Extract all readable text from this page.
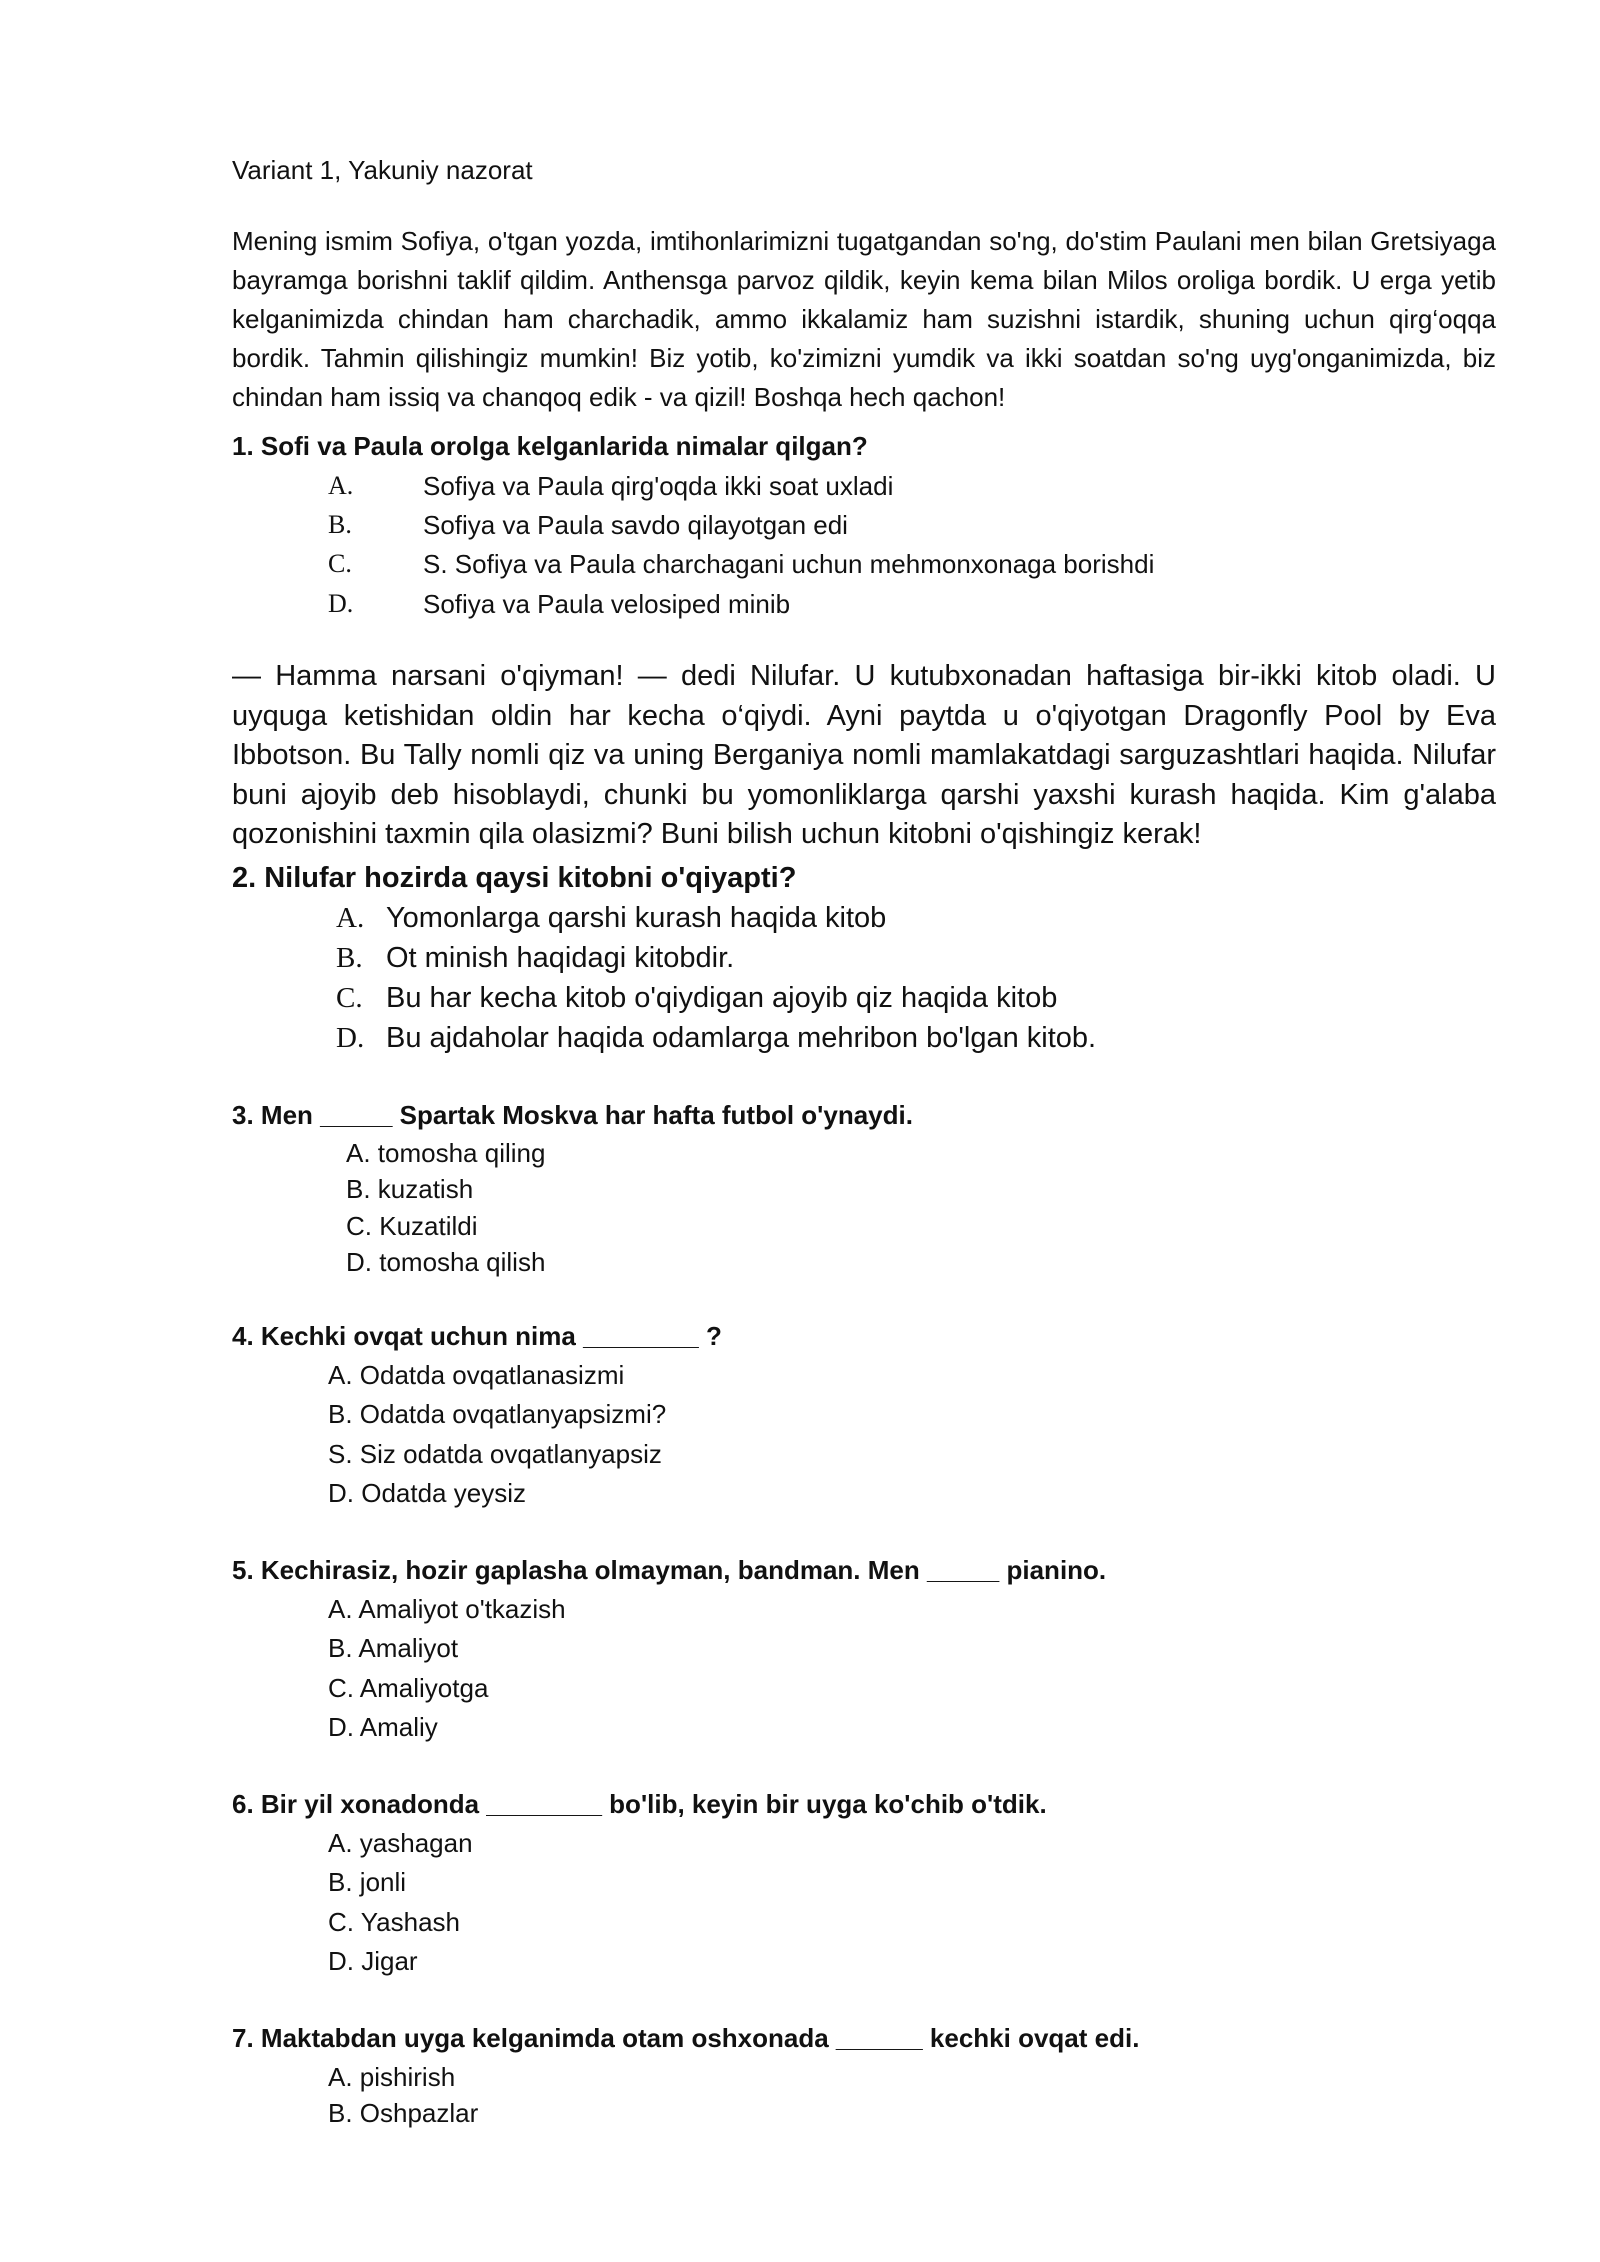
Variant 1, Yakuniy nazorat

Mening ismim Sofiya, o'tgan yozda, imtihonlarimizni tugatgandan so'ng, do'stim Paulani men bilan Gretsiyaga bayramga borishni taklif qildim. Anthensga parvoz qildik, keyin kema bilan Milos oroliga bordik. U erga yetib kelganimizda chindan ham charchadik, ammo ikkalamiz ham suzishni istardik, shuning uchun qirg‘oqqa bordik. Tahmin qilishingiz mumkin! Biz yotib, ko'zimizni yumdik va ikki soatdan so'ng uyg'onganimizda, biz chindan ham issiq va chanqoq edik - va qizil! Boshqa hech qachon!

1. Sofi va Paula orolga kelganlarida nimalar qilgan?
A.	Sofiya va Paula qirg'oqda ikki soat uxladi
B.	Sofiya va Paula savdo qilayotgan edi
C.	S. Sofiya va Paula charchagani uchun mehmonxonaga borishdi
D.	Sofiya va Paula velosiped minib

— Hamma narsani o'qiyman! — dedi Nilufar. U kutubxonadan haftasiga bir-ikki kitob oladi. U uyquga ketishidan oldin har kecha o‘qiydi. Ayni paytda u o'qiyotgan Dragonfly Pool by Eva Ibbotson. Bu Tally nomli qiz va uning Berganiya nomli mamlakatdagi sarguzashtlari haqida. Nilufar buni ajoyib deb hisoblaydi, chunki bu yomonliklarga qarshi yaxshi kurash haqida. Kim g'alaba qozonishini taxmin qila olasizmi? Buni bilish uchun kitobni o'qishingiz kerak!

2. Nilufar hozirda qaysi kitobni o'qiyapti?
A. Yomonlarga qarshi kurash haqida kitob
B. Ot minish haqidagi kitobdir.
C. Bu har kecha kitob o'qiydigan ajoyib qiz haqida kitob
D. Bu ajdaholar haqida odamlarga mehribon bo'lgan kitob.
3. Men _____ Spartak Moskva har hafta futbol o'ynaydi.
A. tomosha qiling
B. kuzatish
C. Kuzatildi
D. tomosha qilish
4. Kechki ovqat uchun nima ________ ?
A. Odatda ovqatlanasizmi
B. Odatda ovqatlanyapsizmi?
S. Siz odatda ovqatlanyapsiz
D. Odatda yeysiz
5. Kechirasiz, hozir gaplasha olmayman, bandman. Men _____ pianino.
A. Amaliyot o'tkazish
B. Amaliyot
C. Amaliyotga
D. Amaliy
6. Bir yil xonadonda ________ bo'lib, keyin bir uyga ko'chib o'tdik.
A. yashagan
B. jonli
C. Yashash
D. Jigar
7. Maktabdan uyga kelganimda otam oshxonada ______ kechki ovqat edi.
A. pishirish
B. Oshpazlar
